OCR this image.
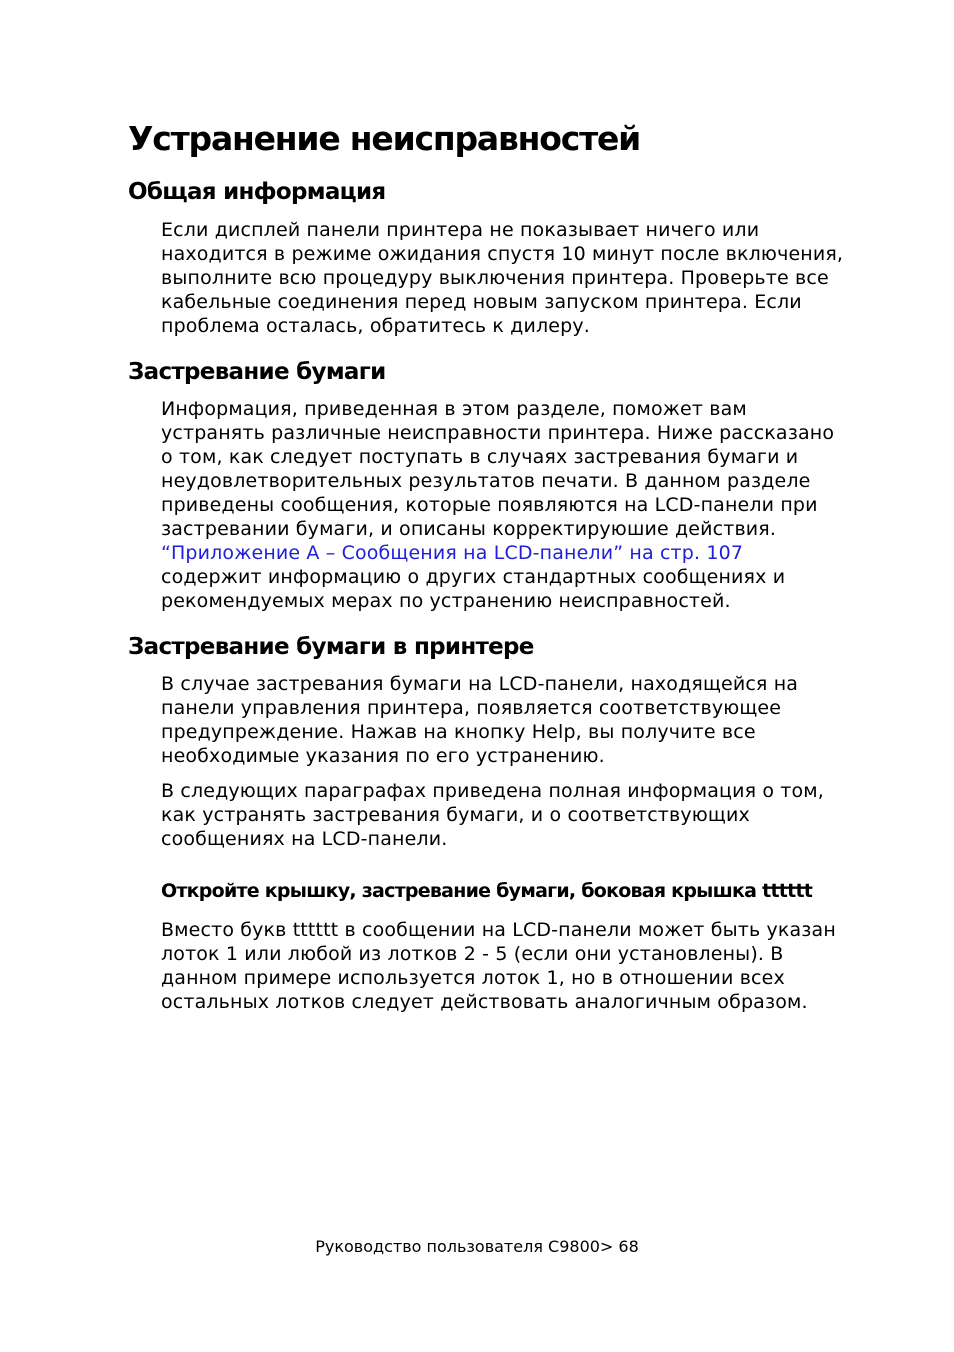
Устранение неисправностей
Общая информация
Если дисплей панели принтера не показывает ничего или
находится в режиме ожидания спустя 10 минут после включения,
выполните всю процедуру выключения принтера. Проверьте все
кабельные соединения перед новым запуском принтера. Если
проблема осталась, обратитесь к дилеру.
Застревание бумаги
Информация, приведенная в этом разделе, поможет вам
устранять различные неисправности принтера. Ниже рассказано
о том, как следует поступать в случаях застревания бумаги и
неудовлетворительных результатов печати. В данном разделе
приведены сообщения, которые появляются на LCD-панели при
застревании бумаги, и описаны корректируюшие действия.
“Приложение A – Сообщения на LCD-панели” на стр. 107
содержит информацию о других стандартных сообщениях и
рекомендуемых мерах по устранению неисправностей.
Застревание бумаги в принтере
В случае застревания бумаги на LCD-панели, находящейся на
панели управления принтера, появляется соответствующее
предупреждение. Нажав на кнопку Help, вы получите все
необходимые указания по его устранению.
В следующих параграфах приведена полная информация о том,
как устранять застревания бумаги, и о соответствующих
сообщениях на LCD-панели.
Откройте крышку, застревание бумаги, боковая крышка tttttt
Вместо букв tttttt в сообщении на LCD-панели может быть указан
лоток 1 или любой из лотков 2 - 5 (если они установлены). В
данном примере используется лоток 1, но в отношении всех
остальных лотков следует действовать аналогичным образом.
Руководство пользователя C9800> 68
